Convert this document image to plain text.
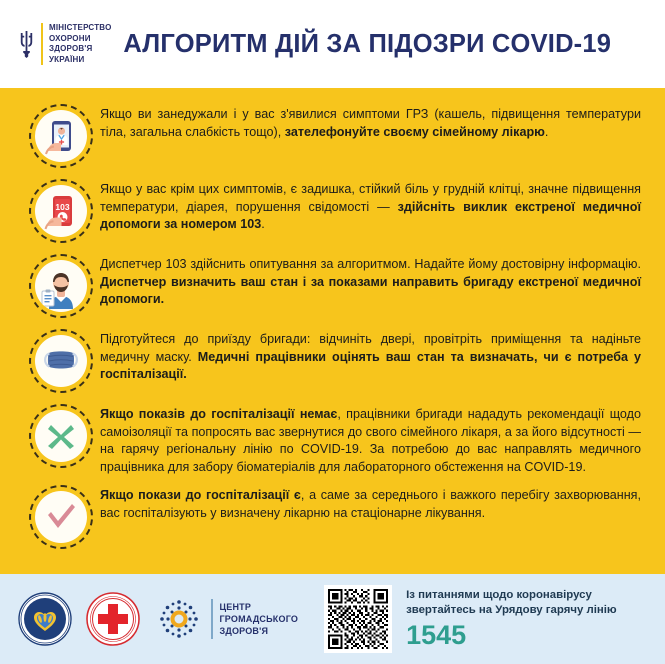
МІНІСТЕРСТВО
ОХОРОНИ
ЗДОРОВ'Я
УКРАЇНИ
АЛГОРИТМ ДІЙ ЗА ПІДОЗРИ COVID-19
Якщо ви занедужали і у вас з'явилися симптоми ГРЗ (кашель, підвищення температури тіла, загальна слабкість тощо), зателефонуйте своєму сімейному лікарю.
103
Якщо у вас крім цих симптомів, є задишка, стійкий біль у грудній клітці, значне підвищення температури, діарея, порушення свідомості — здійсніть виклик екстреної медичної допомоги за номером 103.
Диспетчер 103 здійснить опитування за алгоритмом. Надайте йому достовірну інформацію. Диспетчер визначить ваш стан і за показами направить бригаду екстреної медичної допомоги.
Підготуйтеся до приїзду бригади: відчиніть двері, провітріть приміщення та надіньте медичну маску. Медичні працівники оцінять ваш стан та визначать, чи є потреба у госпіталізації.
Якщо показів до госпіталізації немає, працівники бригади нададуть рекомендації щодо самоізоляції та попросять вас звернутися до свого сімейного лікаря, а за його відсутності — на гарячу регіональну лінію по COVID-19. За потребою до вас направлять медичного працівника для забору біоматеріалів для лабораторного обстеження на COVID-19.
Якщо покази до госпіталізації є, а саме за середнього і важкого перебігу захворювання, вас госпіталізують у визначену лікарню на стаціонарне лікування.
ЦЕНТР
ГРОМАДСЬКОГО
ЗДОРОВ'Я
Із питаннями щодо коронавірусу
звертайтесь на Урядову гарячу лінію
1545
